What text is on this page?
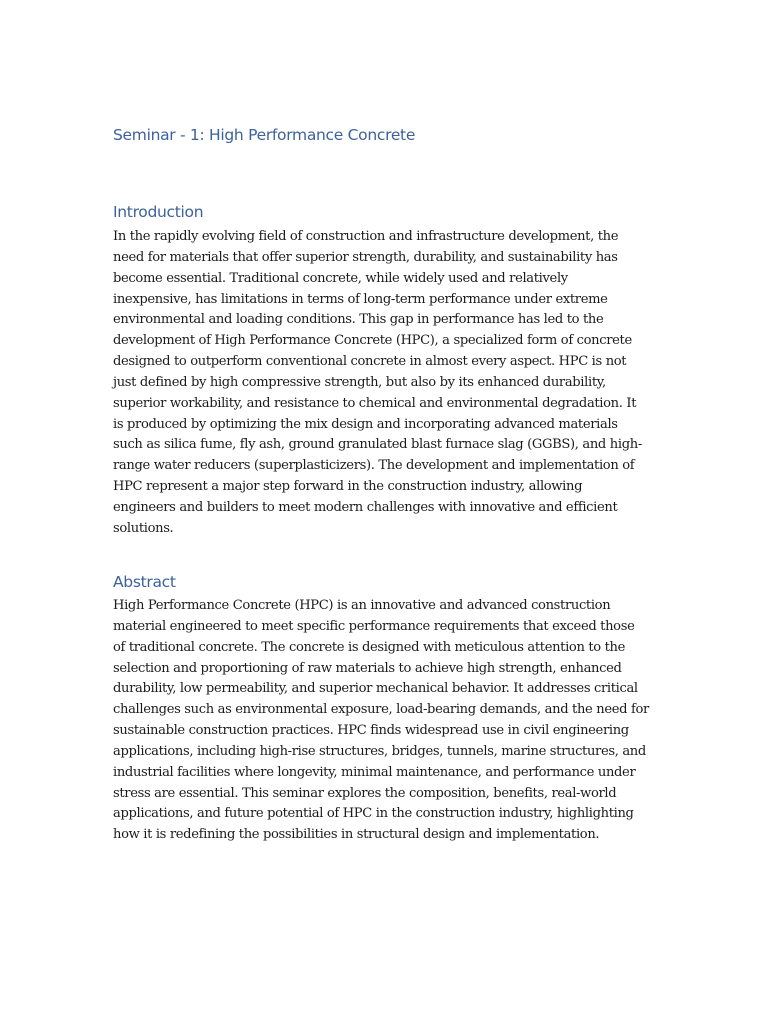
Seminar - 1: High Performance Concrete
Introduction

In the rapidly evolving field of construction and infrastructure development, the
need for materials that offer superior strength, durability, and sustainability has
become essential. Traditional concrete, while widely used and relatively
inexpensive, has limitations in terms of long-term performance under extreme
environmental and loading conditions. This gap in performance has led to the
development of High Performance Concrete (HPC), a specialized form of concrete
designed to outperform conventional concrete in almost every aspect. HPC is not
just defined by high compressive strength, but also by its enhanced durability,
superior workability, and resistance to chemical and environmental degradation. It
is produced by optimizing the mix design and incorporating advanced materials
such as silica fume, fly ash, ground granulated blast furnace slag (GGBS), and high-
range water reducers (superplasticizers). The development and implementation of
HPC represent a major step forward in the construction industry, allowing
engineers and builders to meet modern challenges with innovative and efficient
solutions.

Abstract

High Performance Concrete (HPC) is an innovative and advanced construction
material engineered to meet specific performance requirements that exceed those
of traditional concrete. The concrete is designed with meticulous attention to the
selection and proportioning of raw materials to achieve high strength, enhanced
durability, low permeability, and superior mechanical behavior. It addresses critical
challenges such as environmental exposure, load-bearing demands, and the need for
sustainable construction practices. HPC finds widespread use in civil engineering
applications, including high-rise structures, bridges, tunnels, marine structures, and
industrial facilities where longevity, minimal maintenance, and performance under
stress are essential. This seminar explores the composition, benefits, real-world
applications, and future potential of HPC in the construction industry, highlighting
how it is redefining the possibilities in structural design and implementation.
